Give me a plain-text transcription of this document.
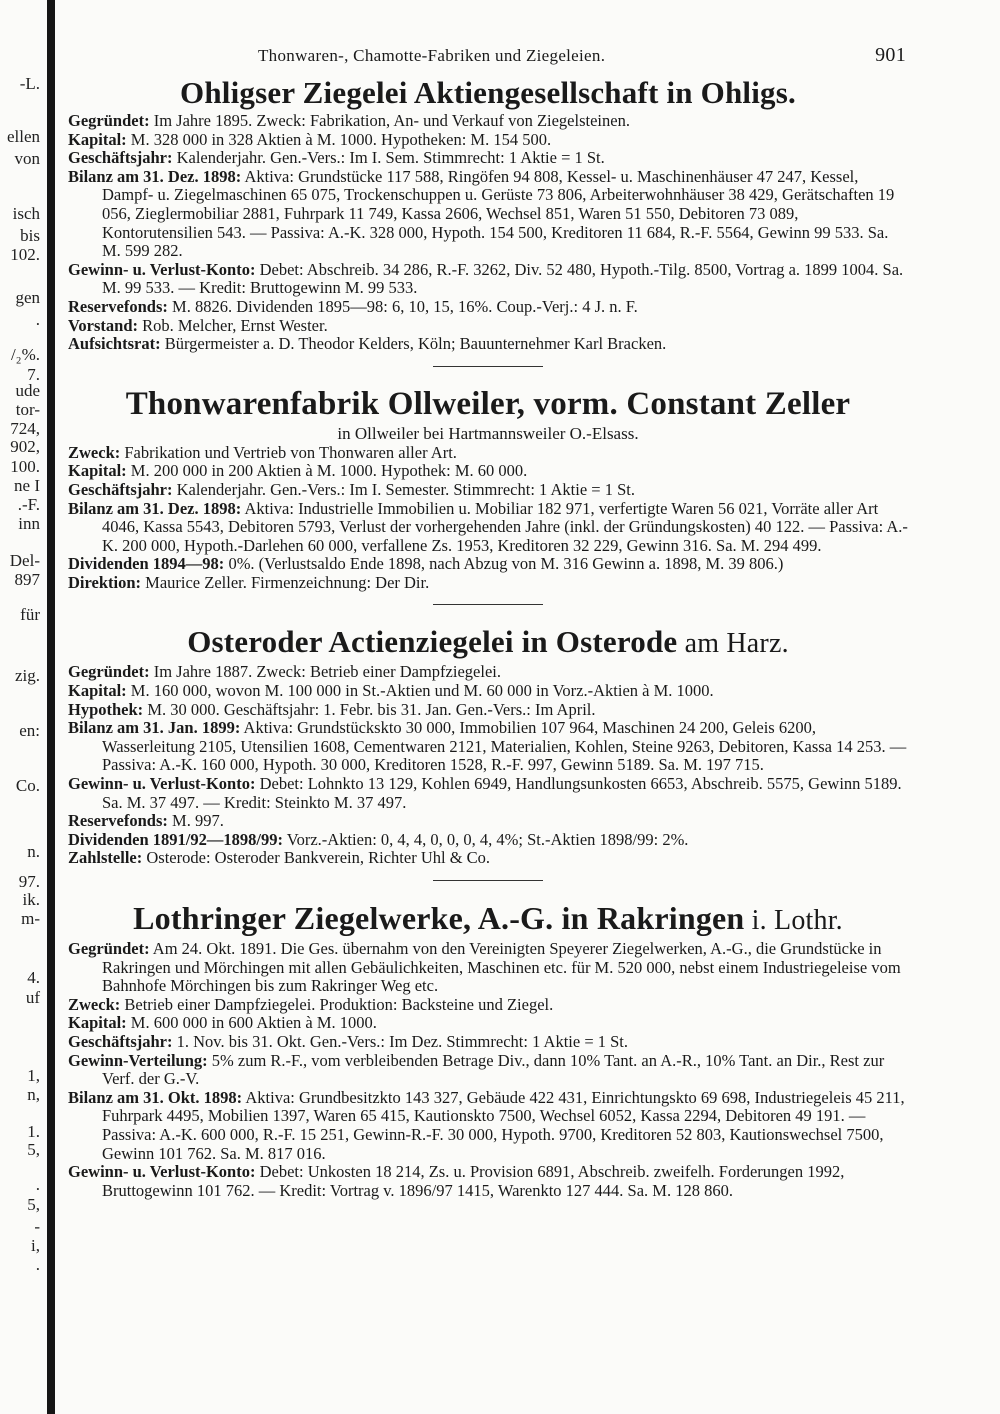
-L.
ellen
von
isch
bis
102.
gen
.
/₂%.
7.
ude
tor-
724,
902,
100.
ne I
.-F.
inn
Del-
897
für
zig.
en:
Co.
n.
97.
ik.
m-
4.
uf
1,
n,
1.
5,
.
5,
-
i,
.
Thonwaren-, Chamotte-Fabriken und Ziegeleien.	901
Ohligser Ziegelei Aktiengesellschaft in Ohligs.

Gegründet: Im Jahre 1895. Zweck: Fabrikation, An- und Verkauf von Ziegelsteinen.

Kapital: M. 328 000 in 328 Aktien à M. 1000. Hypotheken: M. 154 500.

Geschäftsjahr: Kalenderjahr. Gen.-Vers.: Im I. Sem. Stimmrecht: 1 Aktie = 1 St.

Bilanz am 31. Dez. 1898: Aktiva: Grundstücke 117 588, Ringöfen 94 808, Kessel- u. Maschinenhäuser 47 247, Kessel, Dampf- u. Ziegelmaschinen 65 075, Trockenschuppen u. Gerüste 73 806, Arbeiterwohnhäuser 38 429, Gerätschaften 19 056, Zieglermobiliar 2881, Fuhrpark 11 749, Kassa 2606, Wechsel 851, Waren 51 550, Debitoren 73 089, Kontorutensilien 543. — Passiva: A.-K. 328 000, Hypoth. 154 500, Kreditoren 11 684, R.-F. 5564, Gewinn 99 533. Sa. M. 599 282.

Gewinn- u. Verlust-Konto: Debet: Abschreib. 34 286, R.-F. 3262, Div. 52 480, Hypoth.-Tilg. 8500, Vortrag a. 1899 1004. Sa. M. 99 533. — Kredit: Bruttogewinn M. 99 533.

Reservefonds: M. 8826. Dividenden 1895—98: 6, 10, 15, 16%. Coup.-Verj.: 4 J. n. F.

Vorstand: Rob. Melcher, Ernst Wester.

Aufsichtsrat: Bürgermeister a. D. Theodor Kelders, Köln; Bauunternehmer Karl Bracken.

Thonwarenfabrik Ollweiler, vorm. Constant Zeller
in Ollweiler bei Hartmannsweiler O.-Elsass.

Zweck: Fabrikation und Vertrieb von Thonwaren aller Art.

Kapital: M. 200 000 in 200 Aktien à M. 1000. Hypothek: M. 60 000.

Geschäftsjahr: Kalenderjahr. Gen.-Vers.: Im I. Semester. Stimmrecht: 1 Aktie = 1 St.

Bilanz am 31. Dez. 1898: Aktiva: Industrielle Immobilien u. Mobiliar 182 971, verfertigte Waren 56 021, Vorräte aller Art 4046, Kassa 5543, Debitoren 5793, Verlust der vorhergehenden Jahre (inkl. der Gründungskosten) 40 122. — Passiva: A.-K. 200 000, Hypoth.-Darlehen 60 000, verfallene Zs. 1953, Kreditoren 32 229, Gewinn 316. Sa. M. 294 499.

Dividenden 1894—98: 0%. (Verlustsaldo Ende 1898, nach Abzug von M. 316 Gewinn a. 1898, M. 39 806.)

Direktion: Maurice Zeller. Firmenzeichnung: Der Dir.

Osteroder Actienziegelei in Osterode am Harz.

Gegründet: Im Jahre 1887. Zweck: Betrieb einer Dampfziegelei.

Kapital: M. 160 000, wovon M. 100 000 in St.-Aktien und M. 60 000 in Vorz.-Aktien à M. 1000.

Hypothek: M. 30 000. Geschäftsjahr: 1. Febr. bis 31. Jan. Gen.-Vers.: Im April.

Bilanz am 31. Jan. 1899: Aktiva: Grundstückskto 30 000, Immobilien 107 964, Maschinen 24 200, Geleis 6200, Wasserleitung 2105, Utensilien 1608, Cementwaren 2121, Materialien, Kohlen, Steine 9263, Debitoren, Kassa 14 253. — Passiva: A.-K. 160 000, Hypoth. 30 000, Kreditoren 1528, R.-F. 997, Gewinn 5189. Sa. M. 197 715.

Gewinn- u. Verlust-Konto: Debet: Lohnkto 13 129, Kohlen 6949, Handlungsunkosten 6653, Abschreib. 5575, Gewinn 5189. Sa. M. 37 497. — Kredit: Steinkto M. 37 497.

Reservefonds: M. 997.

Dividenden 1891/92—1898/99: Vorz.-Aktien: 0, 4, 4, 0, 0, 0, 4, 4%; St.-Aktien 1898/99: 2%.

Zahlstelle: Osterode: Osteroder Bankverein, Richter Uhl & Co.

Lothringer Ziegelwerke, A.-G. in Rakringen i. Lothr.

Gegründet: Am 24. Okt. 1891. Die Ges. übernahm von den Vereinigten Speyerer Ziegelwerken, A.-G., die Grundstücke in Rakringen und Mörchingen mit allen Gebäulichkeiten, Maschinen etc. für M. 520 000, nebst einem Industriegeleise vom Bahnhofe Mörchingen bis zum Rakringer Weg etc.

Zweck: Betrieb einer Dampfziegelei. Produktion: Backsteine und Ziegel.

Kapital: M. 600 000 in 600 Aktien à M. 1000.

Geschäftsjahr: 1. Nov. bis 31. Okt. Gen.-Vers.: Im Dez. Stimmrecht: 1 Aktie = 1 St.

Gewinn-Verteilung: 5% zum R.-F., vom verbleibenden Betrage Div., dann 10% Tant. an A.-R., 10% Tant. an Dir., Rest zur Verf. der G.-V.

Bilanz am 31. Okt. 1898: Aktiva: Grundbesitzkto 143 327, Gebäude 422 431, Einrichtungskto 69 698, Industriegeleis 45 211, Fuhrpark 4495, Mobilien 1397, Waren 65 415, Kautionskto 7500, Wechsel 6052, Kassa 2294, Debitoren 49 191. — Passiva: A.-K. 600 000, R.-F. 15 251, Gewinn-R.-F. 30 000, Hypoth. 9700, Kreditoren 52 803, Kautionswechsel 7500, Gewinn 101 762. Sa. M. 817 016.

Gewinn- u. Verlust-Konto: Debet: Unkosten 18 214, Zs. u. Provision 6891, Abschreib. zweifelh. Forderungen 1992, Bruttogewinn 101 762. — Kredit: Vortrag v. 1896/97 1415, Warenkto 127 444. Sa. M. 128 860.
